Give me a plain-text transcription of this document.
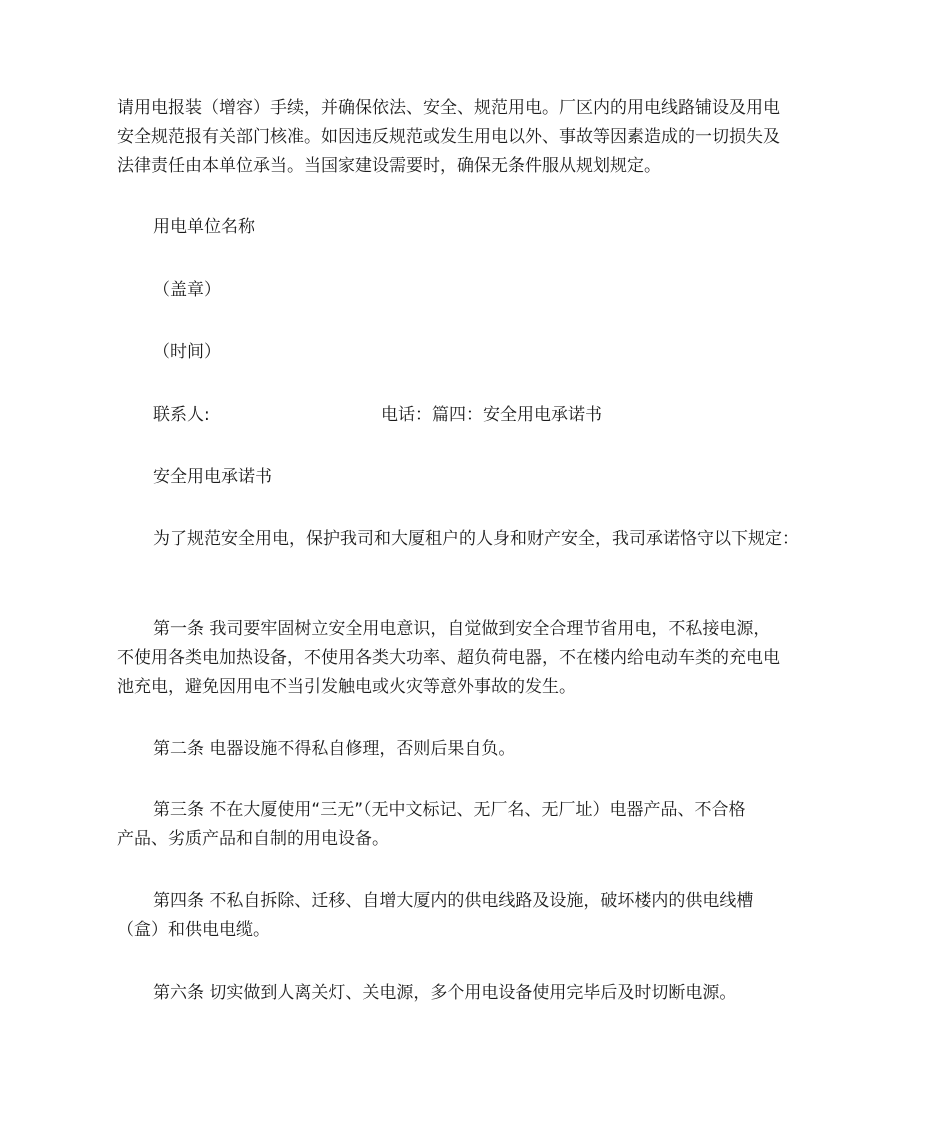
请用电报装（增容）手续，并确保依法、安全、规范用电。厂区内的用电线路铺设及用电
安全规范报有关部门核准。如因违反规范或发生用电以外、事故等因素造成的一切损失及
法律责任由本单位承当。当国家建设需要时，确保无条件服从规划规定。
用电单位名称
（盖章）
（时间）
联系人:	电话：篇四：安全用电承诺书
安全用电承诺书
为了规范安全用电，保护我司和大厦租户的人身和财产安全，我司承诺恪守以下规定：
第一条 我司要牢固树立安全用电意识，自觉做到安全合理节省用电，不私接电源，
不使用各类电加热设备，不使用各类大功率、超负荷电器，不在楼内给电动车类的充电电
池充电，避免因用电不当引发触电或火灾等意外事故的发生。
第二条 电器设施不得私自修理，否则后果自负。
第三条 不在大厦使用“三无”（无中文标记、无厂名、无厂址）电器产品、不合格
产品、劣质产品和自制的用电设备。
第四条 不私自拆除、迁移、自增大厦内的供电线路及设施，破坏楼内的供电线槽
（盒）和供电电缆。
第六条 切实做到人离关灯、关电源，多个用电设备使用完毕后及时切断电源。
